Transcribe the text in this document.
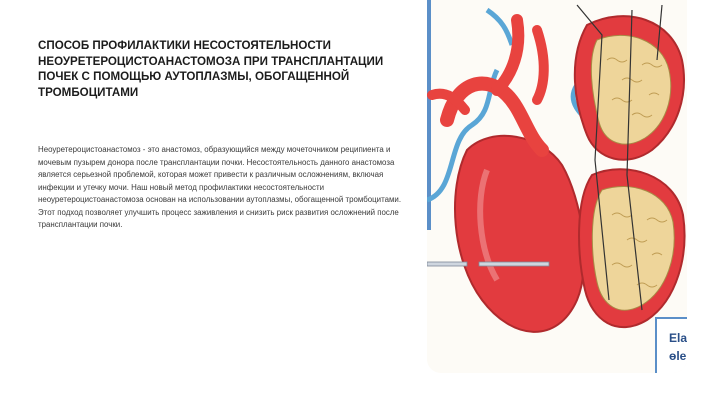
СПОСОБ ПРОФИЛАКТИКИ НЕСОСТОЯТЕЛЬНОСТИ НЕОУРЕТЕРОЦИСТОАНАСТОМОЗА ПРИ ТРАНСПЛАНТАЦИИ ПОЧЕК С ПОМОЩЬЮ АУТОПЛАЗМЫ, ОБОГАЩЕННОЙ ТРОМБОЦИТАМИ
Неоуретероцистоанастомоз - это анастомоз, образующийся между мочеточником реципиента и мочевым пузырем донора после трансплантации почки. Несостоятельность данного анастомоза является серьезной проблемой, которая может привести к различным осложнениям, включая инфекции и утечку мочи. Наш новый метод профилактики несостоятельности неоуретероцистоанастомоза основан на использовании аутоплазмы, обогащенной тромбоцитами. Этот подход позволяет улучшить процесс заживления и снизить риск развития осложнений после трансплантации почки.
Ela
өlе
